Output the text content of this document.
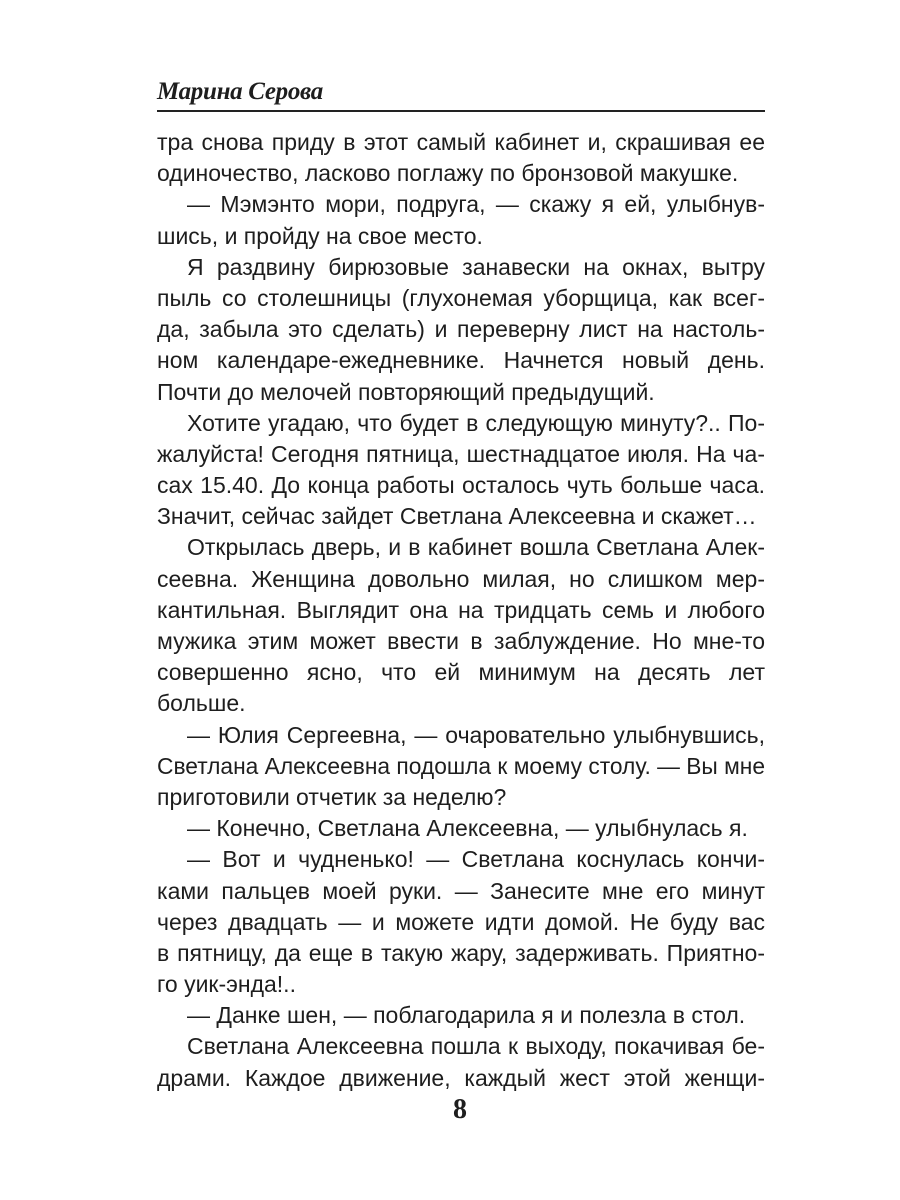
Марина Серова
тра снова приду в этот самый кабинет и, скрашивая ее
одиночество, ласково поглажу по бронзовой макушке.
— Мэмэнто мори, подруга, — скажу я ей, улыбнув-
шись, и пройду на свое место.
Я раздвину бирюзовые занавески на окнах, вытру
пыль со столешницы (глухонемая уборщица, как всег-
да, забыла это сделать) и переверну лист на настоль-
ном календаре-ежедневнике. Начнется новый день.
Почти до мелочей повторяющий предыдущий.
Хотите угадаю, что будет в следующую минуту?.. По-
жалуйста! Сегодня пятница, шестнадцатое июля. На ча-
сах 15.40. До конца работы осталось чуть больше часа.
Значит, сейчас зайдет Светлана Алексеевна и скажет…
Открылась дверь, и в кабинет вошла Светлана Алек-
сеевна. Женщина довольно милая, но слишком мер-
кантильная. Выглядит она на тридцать семь и любого
мужика этим может ввести в заблуждение. Но мне-то
совершенно ясно, что ей минимум на десять лет
больше.
— Юлия Сергеевна, — очаровательно улыбнувшись,
Светлана Алексеевна подошла к моему столу. — Вы мне
приготовили отчетик за неделю?
— Конечно, Светлана Алексеевна, — улыбнулась я.
— Вот и чудненько! — Светлана коснулась кончи-
ками пальцев моей руки. — Занесите мне его минут
через двадцать — и можете идти домой. Не буду вас
в пятницу, да еще в такую жару, задерживать. Приятно-
го уик-энда!..
— Данке шен, — поблагодарила я и полезла в стол.
Светлана Алексеевна пошла к выходу, покачивая бе-
драми. Каждое движение, каждый жест этой женщи-
8
